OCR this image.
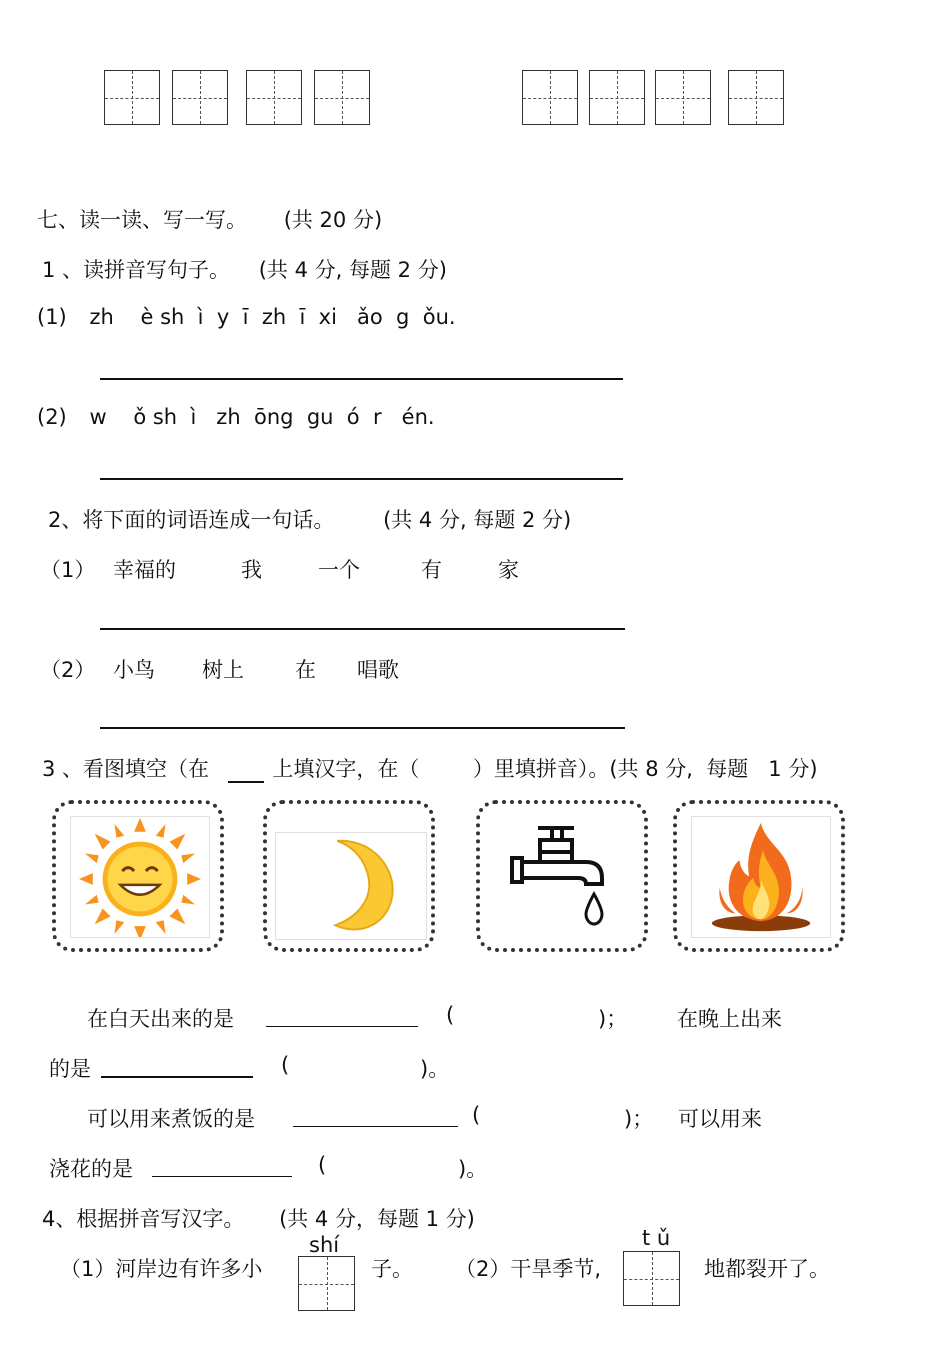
七、读一读、写一写。 (共 20 分)
1 、读拼音写句子。 (共 4 分, 每题 2 分)
(1) zh    è sh  ì  y  ī  zh  ī  xi   ǎo  g  ǒu.
(2) w    ǒ sh  ì   zh  ōng  gu  ó  r   én.
2、将下面的词语连成一句话。 (共 4 分, 每题 2 分)
（1） 幸福的	我	一个	有	家
（2） 小鸟 树上 在 唱歌
3 、看图填空（在	上填汉字，在（        ）里填拼音）。(共 8 分,  每题   1 分)
在白天出来的是	(	)； 在晚上出来
的是	(	)。
可以用来煮饭的是	(	)； 可以用来
浇花的是	(	)。
4、根据拼音写汉字。 (共 4 分，每题 1 分)
（1）河岸边有许多小
shí
子。 （2）干旱季节,
t ǔ
地都裂开了。
